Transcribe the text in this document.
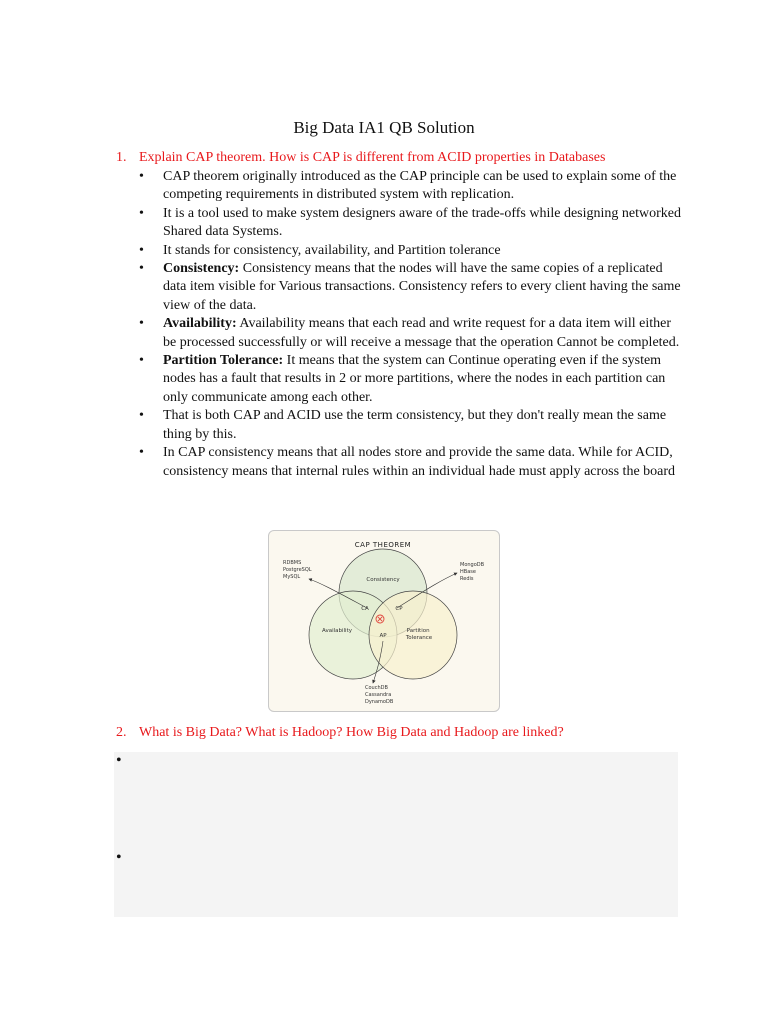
Big Data IA1 QB Solution
1. Explain CAP theorem. How is CAP is different from ACID properties in Databases
• CAP theorem originally introduced as the CAP principle can be used to explain some of the competing requirements in distributed system with replication.
• It is a tool used to make system designers aware of the trade-offs while designing networked Shared data Systems.
• It stands for consistency, availability, and Partition tolerance
• Consistency: Consistency means that the nodes will have the same copies of a replicated data item visible for Various transactions. Consistency refers to every client having the same view of the data.
• Availability: Availability means that each read and write request for a data item will either be processed successfully or will receive a message that the operation Cannot be completed.
• Partition Tolerance: It means that the system can Continue operating even if the system nodes has a fault that results in 2 or more partitions, where the nodes in each partition can only communicate among each other.
• That is both CAP and ACID use the term consistency, but they don't really mean the same thing by this.
• In CAP consistency means that all nodes store and provide the same data. While for ACID, consistency means that internal rules within an individual hade must apply across the board
CAP THEOREM
Consistency
Availability	Partition Tolerance
CA	CP
AP
RDBMS
PostgreSQL
MySQL
MongoDB
HBase
Redis
CouchDB
Cassandra
DynamoDB
2. What is Big Data? What is Hadoop? How Big Data and Hadoop are linked?
•
•
